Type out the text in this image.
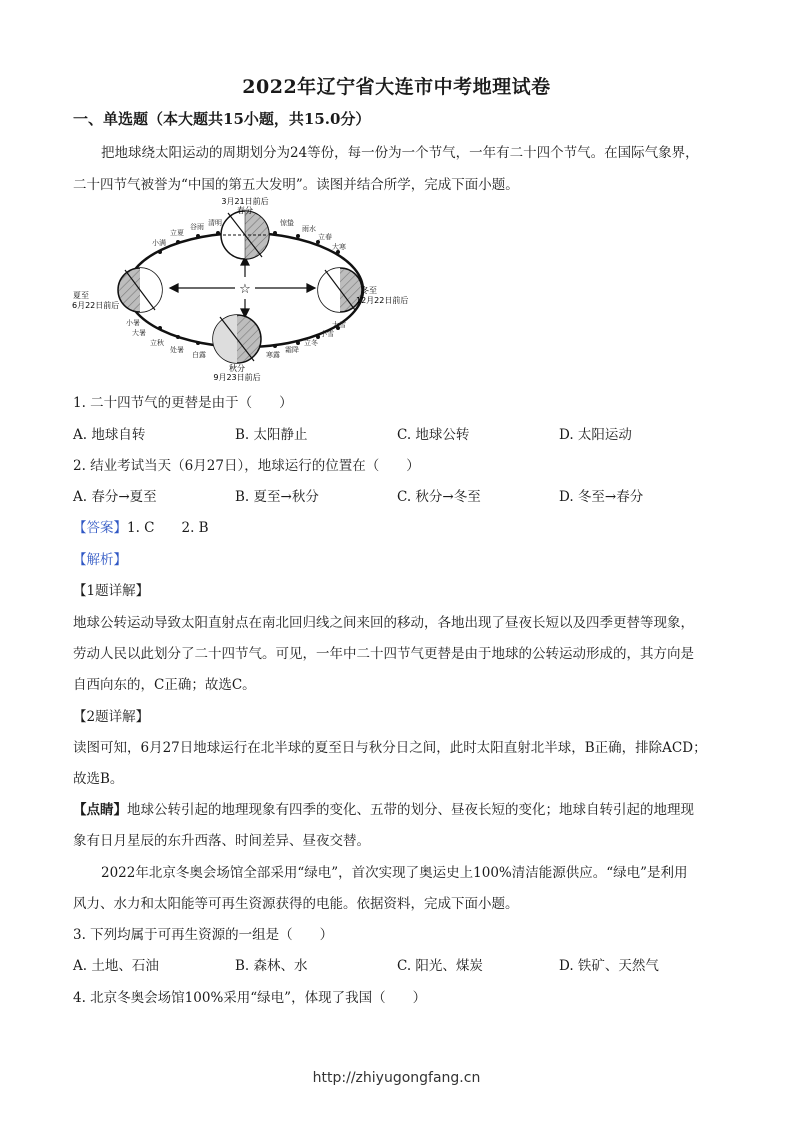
2022年辽宁省大连市中考地理试卷
一、单选题（本大题共15小题，共15.0分）
把地球绕太阳运动的周期划分为24等份，每一份为一个节气，一年有二十四个节气。在国际气象界，
二十四节气被誉为“中国的第五大发明”。读图并结合所学，完成下面小题。
☆
3月21日前后
春分
夏至
6月22日前后
冬至
12月22日前后
秋分
9月23日前后
小满
立夏
谷雨 清明	惊蛰
雨水
立春
大寒
小暑
大暑
立秋
处暑
白露	寒露
霜降
立冬
小雪
大雪
1. 二十四节气的更替是由于（　　）
A. 地球自转	B. 太阳静止	C. 地球公转	D. 太阳运动
2. 结业考试当天（6月27日），地球运行的位置在（　　）
A. 春分→夏至	B. 夏至→秋分	C. 秋分→冬至	D. 冬至→春分
【答案】1. C　　2. B
【解析】
【1题详解】
地球公转运动导致太阳直射点在南北回归线之间来回的移动，各地出现了昼夜长短以及四季更替等现象，
劳动人民以此划分了二十四节气。可见，一年中二十四节气更替是由于地球的公转运动形成的，其方向是
自西向东的，C正确；故选C。
【2题详解】
读图可知，6月27日地球运行在北半球的夏至日与秋分日之间，此时太阳直射北半球，B正确，排除ACD；
故选B。
【点睛】地球公转引起的地理现象有四季的变化、五带的划分、昼夜长短的变化；地球自转引起的地理现
象有日月星辰的东升西落、时间差异、昼夜交替。
2022年北京冬奥会场馆全部采用“绿电”，首次实现了奥运史上100%清洁能源供应。“绿电”是利用
风力、水力和太阳能等可再生资源获得的电能。依据资料，完成下面小题。
3. 下列均属于可再生资源的一组是（　　）
A. 土地、石油	B. 森林、水	C. 阳光、煤炭	D. 铁矿、天然气
4. 北京冬奥会场馆100%采用“绿电”，体现了我国（　　）
http://zhiyugongfang.cn
